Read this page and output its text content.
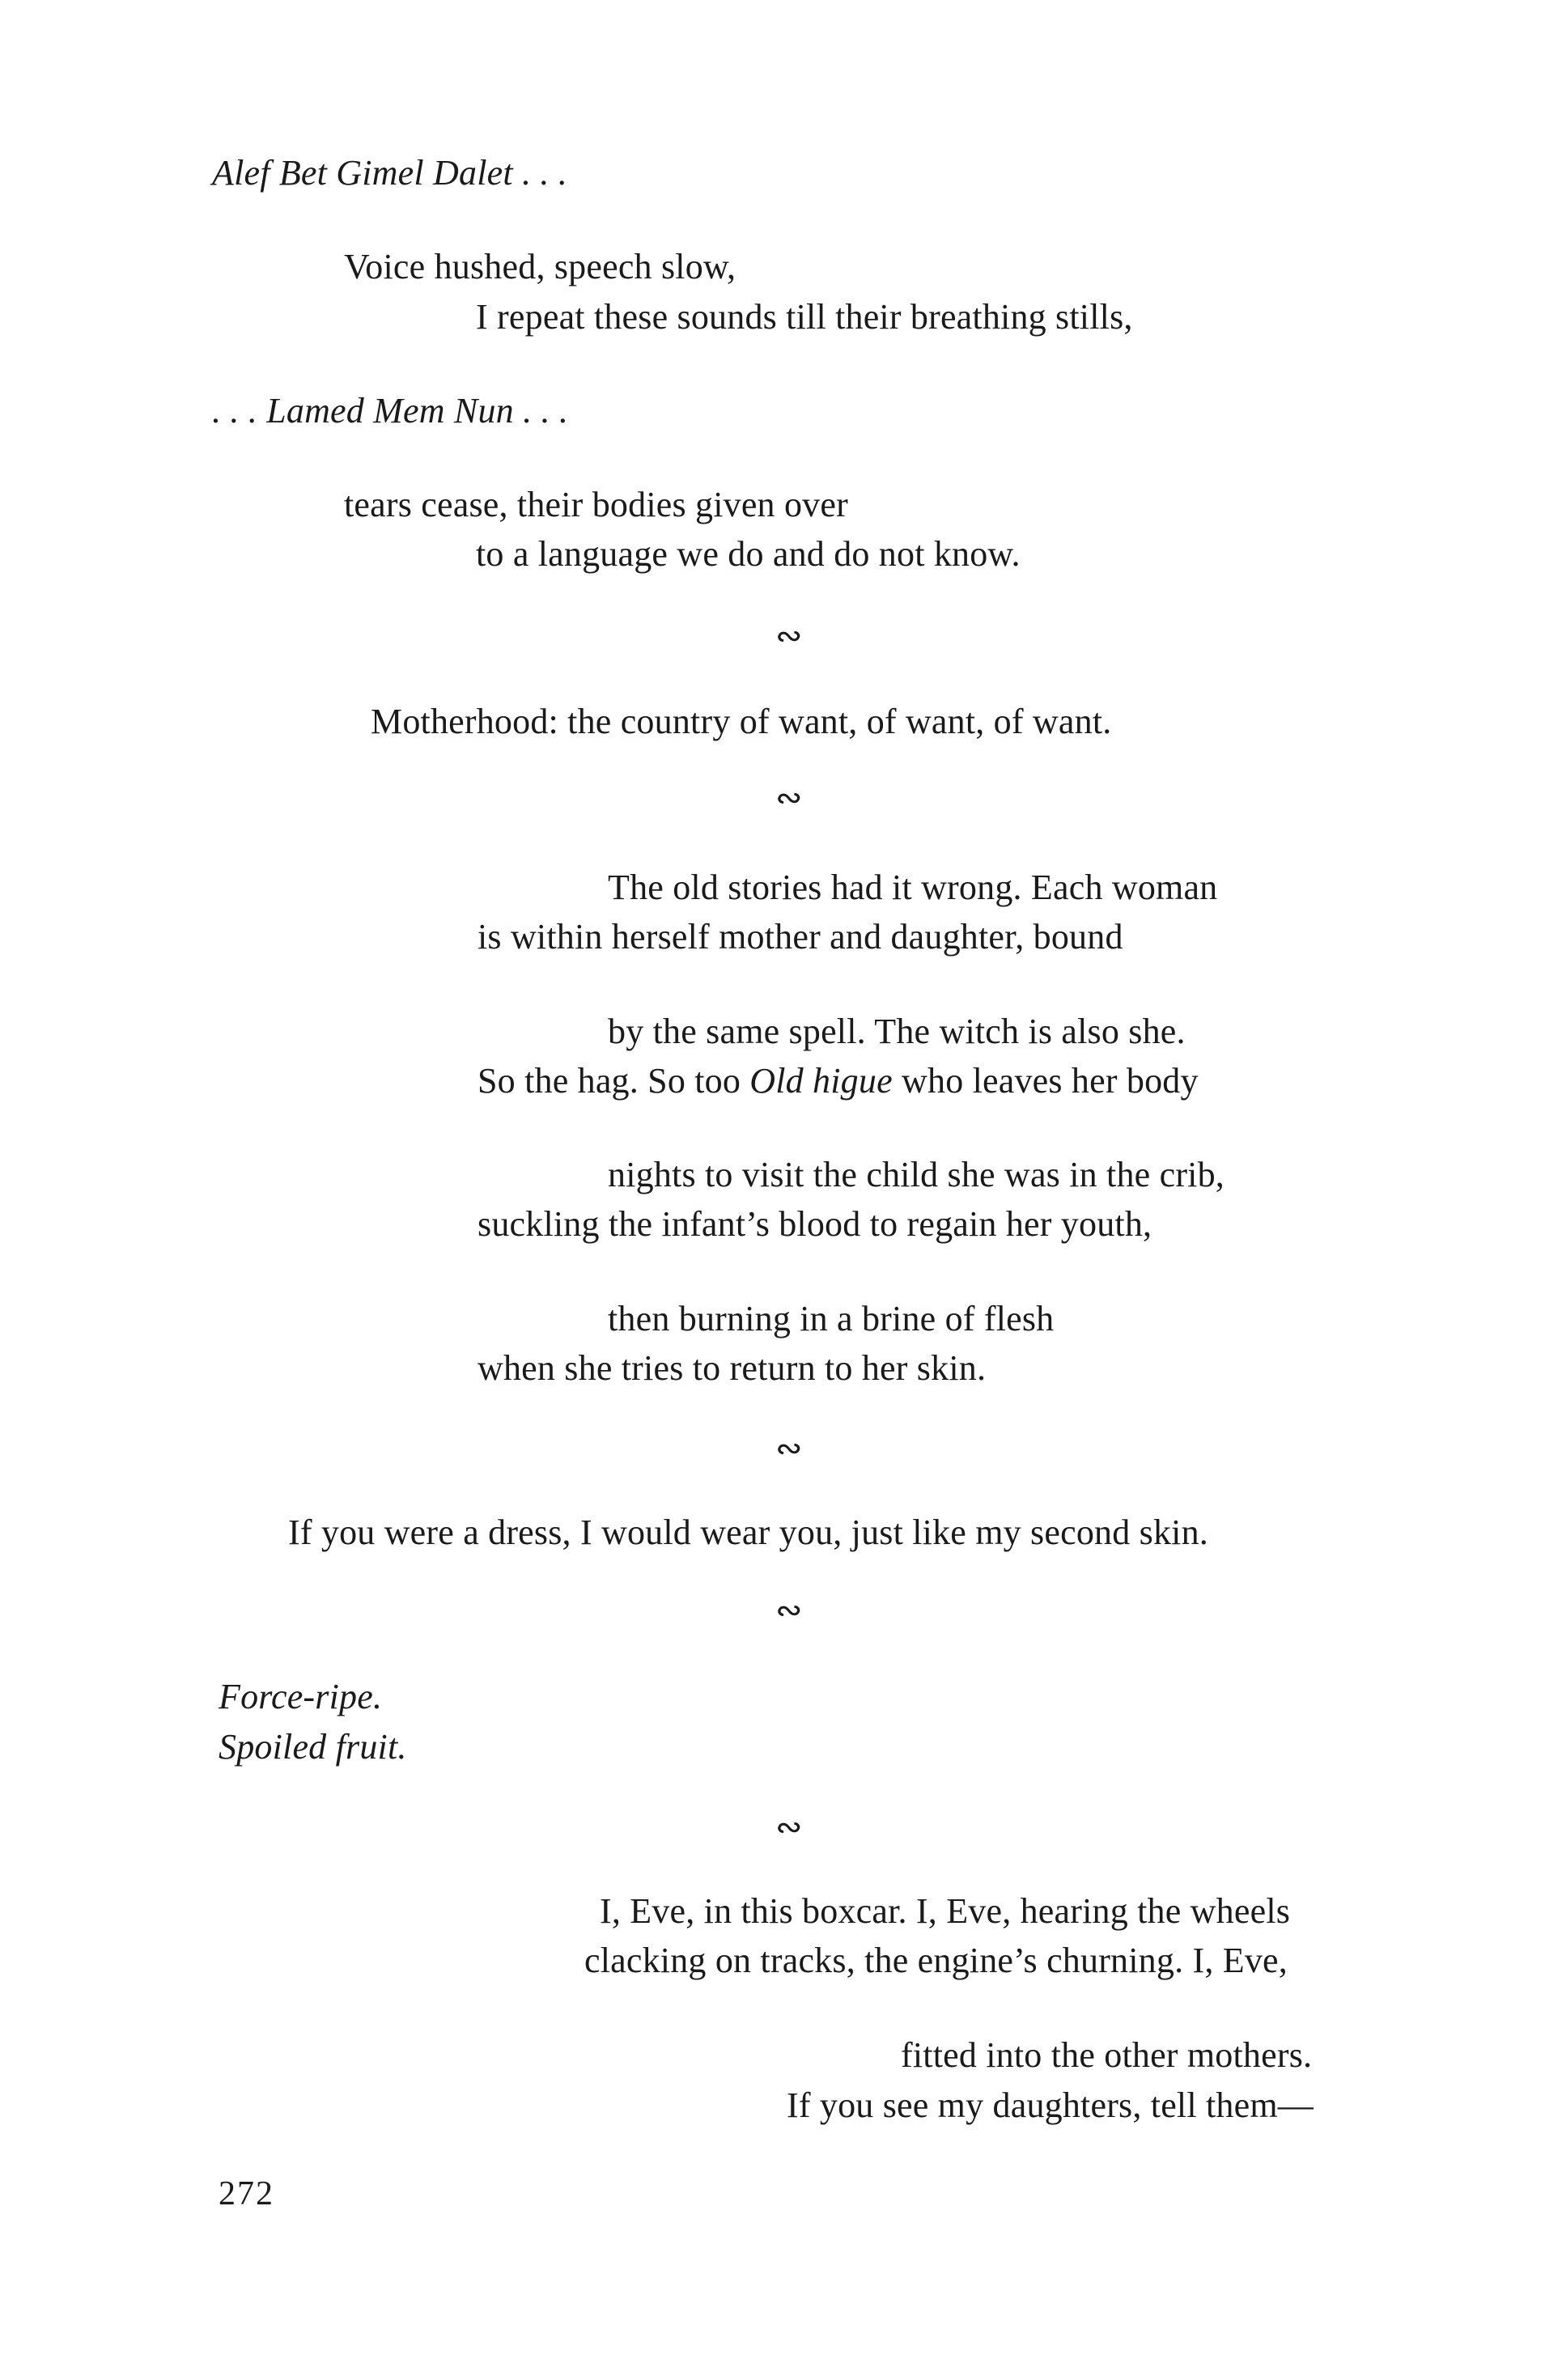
Alef Bet Gimel Dalet . . .
Voice hushed, speech slow,
I repeat these sounds till their breathing stills,
. . . Lamed Mem Nun . . .
tears cease, their bodies given over
to a language we do and do not know.
∾
Motherhood: the country of want, of want, of want.
∾
The old stories had it wrong. Each woman
is within herself mother and daughter, bound
by the same spell. The witch is also she.
So the hag. So too Old higue who leaves her body
nights to visit the child she was in the crib,
suckling the infant’s blood to regain her youth,
then burning in a brine of flesh
when she tries to return to her skin.
∾
If you were a dress, I would wear you, just like my second skin.
∾
Force-ripe.
Spoiled fruit.
∾
I, Eve, in this boxcar. I, Eve, hearing the wheels
clacking on tracks, the engine’s churning. I, Eve,
fitted into the other mothers.
If you see my daughters, tell them—
272
